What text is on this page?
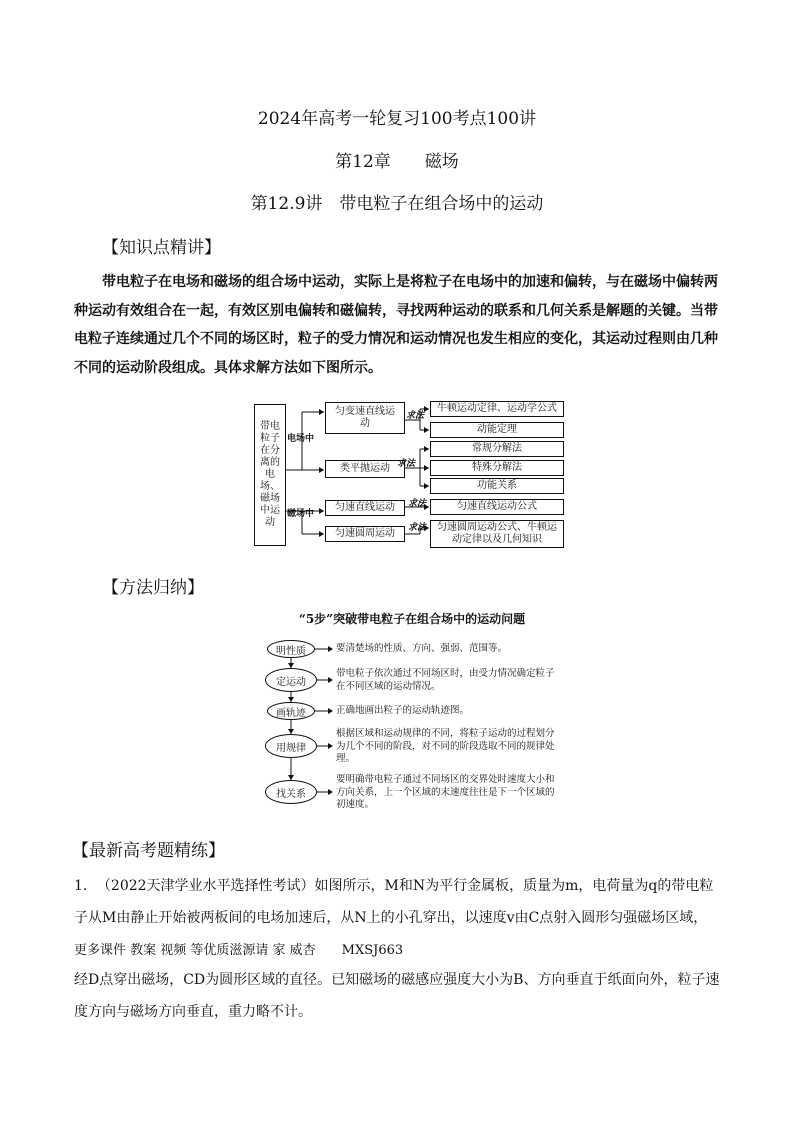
2024年高考一轮复习100考点100讲
第12章　　磁场
第12.9讲　带电粒子在组合场中的运动
【知识点精讲】
带电粒子在电场和磁场的组合场中运动，实际上是将粒子在电场中的加速和偏转，与在磁场中偏转两种运动有效组合在一起，有效区别电偏转和磁偏转，寻找两种运动的联系和几何关系是解题的关键。当带电粒子连续通过几个不同的场区时，粒子的受力情况和运动情况也发生相应的变化，其运动过程则由几种不同的运动阶段组成。具体求解方法如下图所示。
带电粒子在分离的电场、磁场中运动
电场中
磁场中
匀变速直线运动
类平抛运动
匀速直线运动
匀速圆周运动
求法
求法
求法
求法
牛顿运动定律、运动学公式
动能定理
常规分解法
特殊分解法
功能关系
匀速直线运动公式
匀速圆周运动公式、牛顿运动定律以及几何知识
【方法归纳】
“5步”突破带电粒子在组合场中的运动问题
明性质
定运动
画轨迹
用规律
找关系
要清楚场的性质、方向、强弱、范围等。
带电粒子依次通过不同场区时，由受力情况确定粒子在不同区域的运动情况。
正确地画出粒子的运动轨迹图。
根据区域和运动规律的不同，将粒子运动的过程划分为几个不同的阶段，对不同的阶段选取不同的规律处理。
要明确带电粒子通过不同场区的交界处时速度大小和方向关系，上一个区域的末速度往往是下一个区域的初速度。
【最新高考题精练】
1．　（2022天津学业水平选择性考试）如图所示，M和N为平行金属板，质量为m，电荷量为q的带电粒
子从M由静止开始被两板间的电场加速后，从N上的小孔穿出，以速度v由C点射入圆形匀强磁场区域，
更多课件 教案 视频 等优质滋源请 家 威杏　　MXSJ663
经D点穿出磁场，CD为圆形区域的直径。已知磁场的磁感应强度大小为B、方向垂直于纸面向外，粒子速
度方向与磁场方向垂直，重力略不计。
